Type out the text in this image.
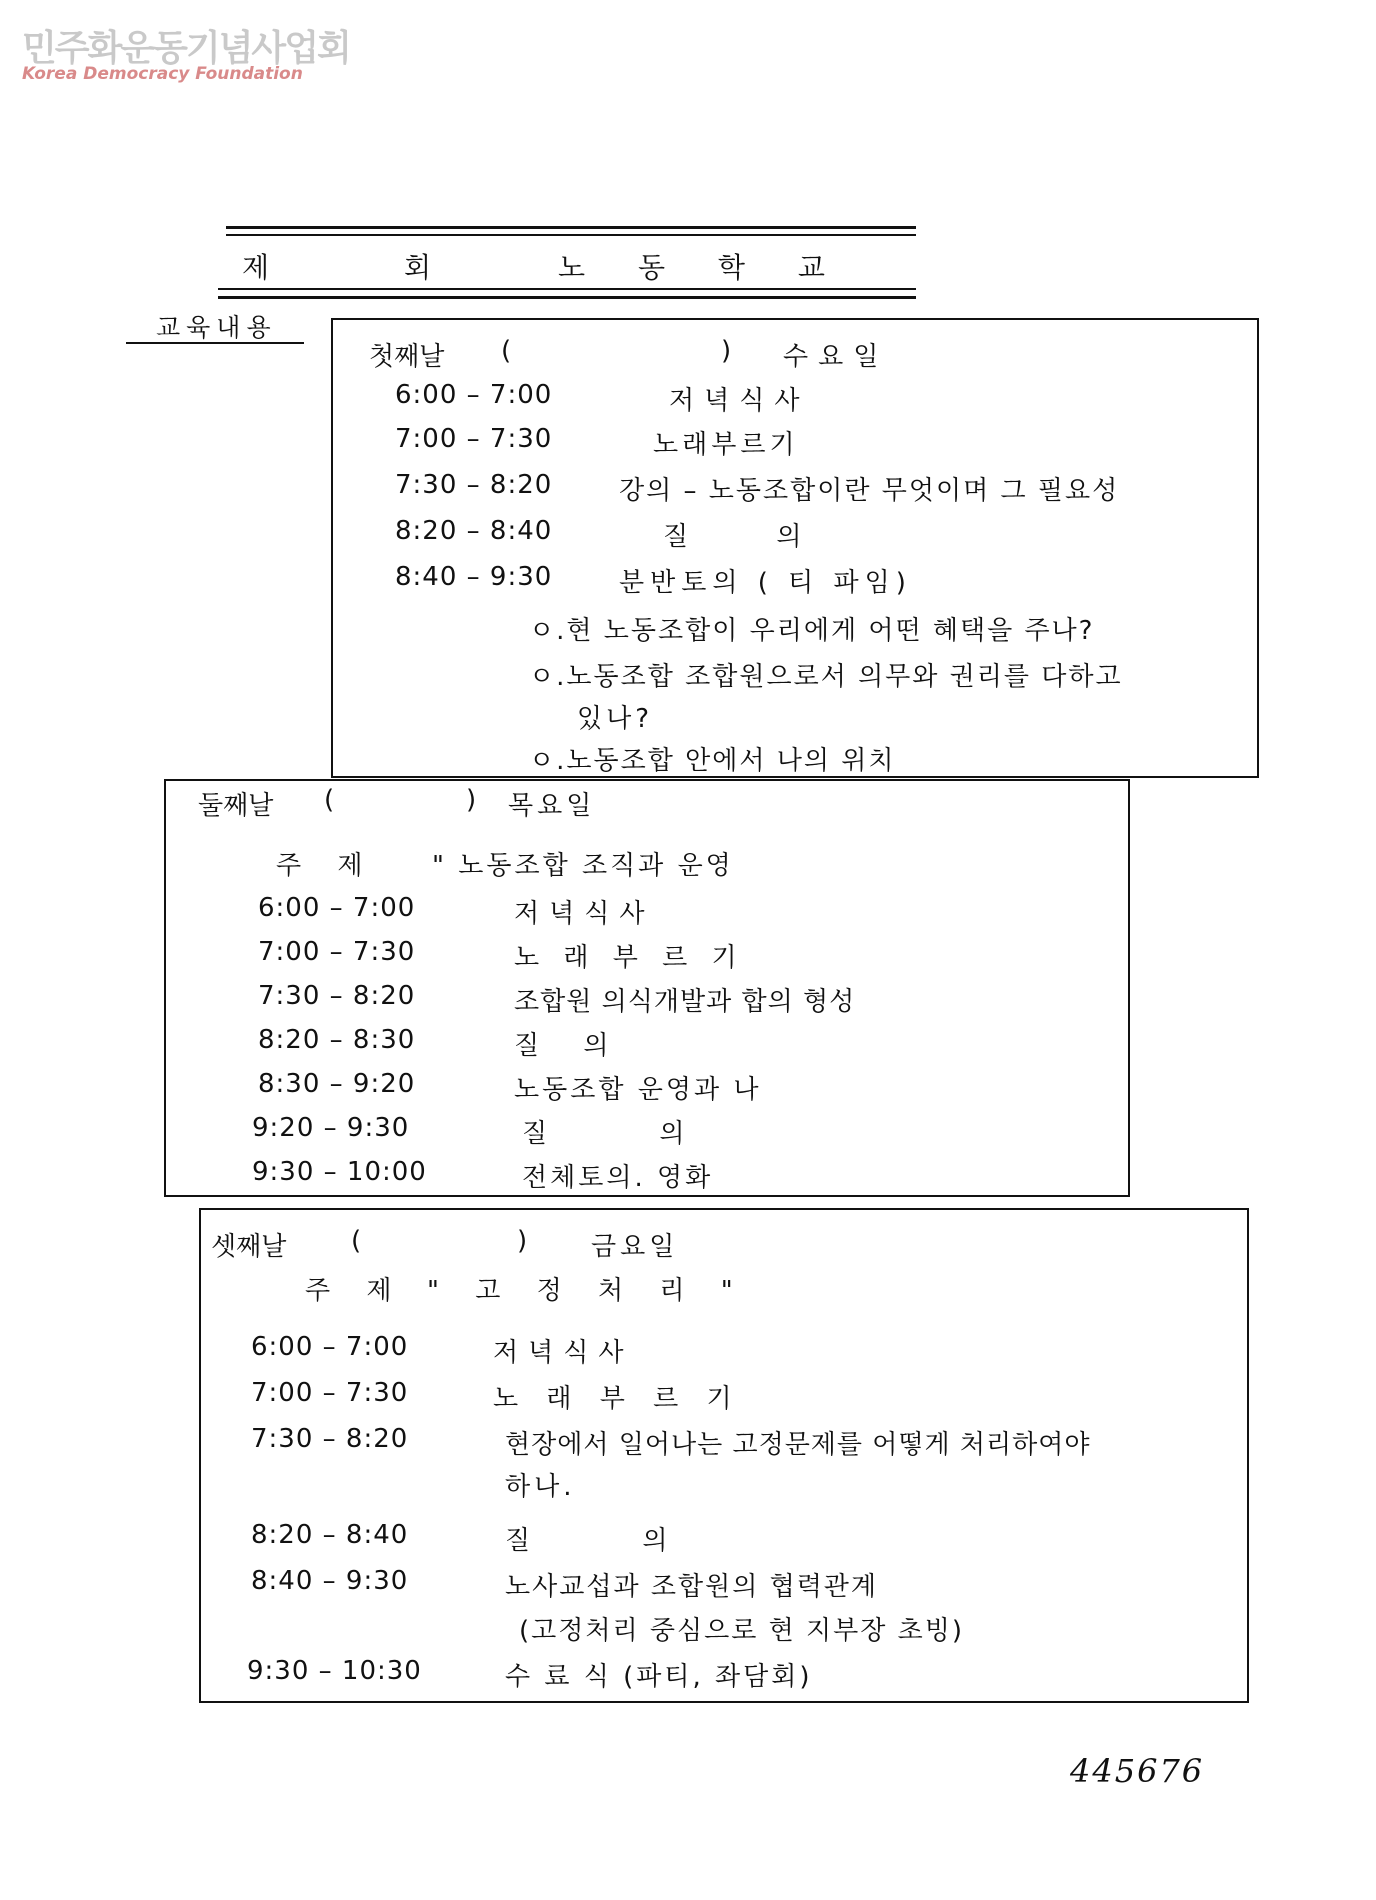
민주화운동기념사업회
Korea Democracy Foundation
제	회	노 동 학 교
교육내용
첫째날 (	) 수요일
6:00 – 7:00	저녁식사
7:00 – 7:30	노래부르기
7:30 – 8:20	강의 – 노동조합이란 무엇이며 그 필요성
8:20 – 8:40	질 의
8:40 – 9:30	분반토의 ( 티 파임)
ㅇ.현 노동조합이 우리에게 어떤 혜택을 주나?
ㅇ.노동조합 조합원으로서 의무와 권리를 다하고
있나?
ㅇ.노동조합 안에서 나의 위치
둘째날 (	) 목요일
주 제 " 노동조합 조직과 운영
6:00 – 7:00	저녁식사
7:00 – 7:30	노 래 부 르 기
7:30 – 8:20	조합원 의식개발과 합의 형성
8:20 – 8:30	질 의
8:30 – 9:20	노동조합 운영과 나
9:20 – 9:30	질 의
9:30 – 10:00	전체토의. 영화
셋째날 (	) 금요일
주 제 " 고 정 처 리 "
6:00 – 7:00	저녁식사
7:00 – 7:30	노 래 부 르 기
7:30 – 8:20	현장에서 일어나는 고정문제를 어떻게 처리하여야
하나.
8:20 – 8:40	질 의
8:40 – 9:30	노사교섭과 조합원의 협력관계
(고정처리 중심으로 현 지부장 초빙)
9:30 – 10:30	수 료 식 (파티, 좌담회)
445676
